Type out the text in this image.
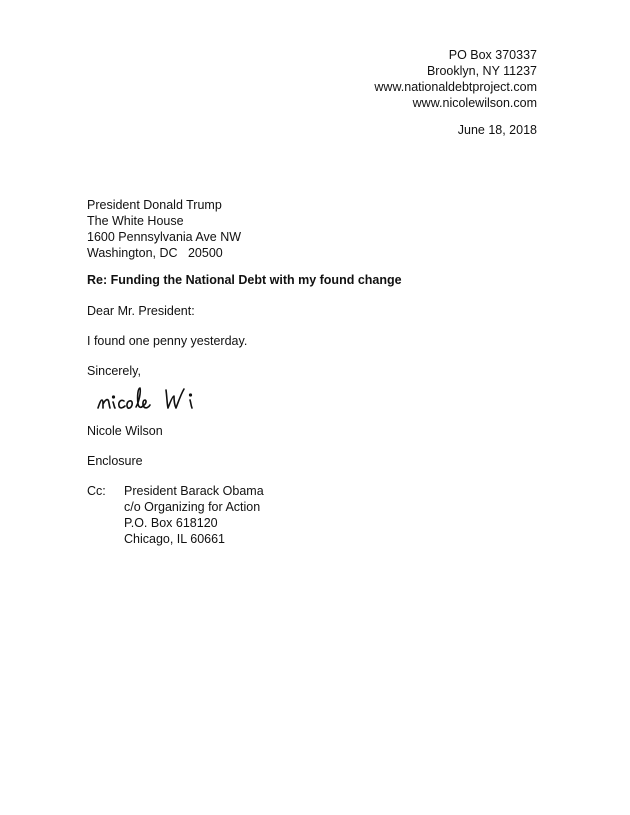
PO Box 370337
Brooklyn, NY 11237
www.nationaldebtproject.com
www.nicolewilson.com
June 18, 2018
President Donald Trump
The White House
1600 Pennsylvania Ave NW
Washington, DC   20500
Re: Funding the National Debt with my found change
Dear Mr. President:
I found one penny yesterday.
Sincerely,
Nicole Wilson
Enclosure
Cc: President Barack Obama
c/o Organizing for Action
P.O. Box 618120
Chicago, IL 60661
